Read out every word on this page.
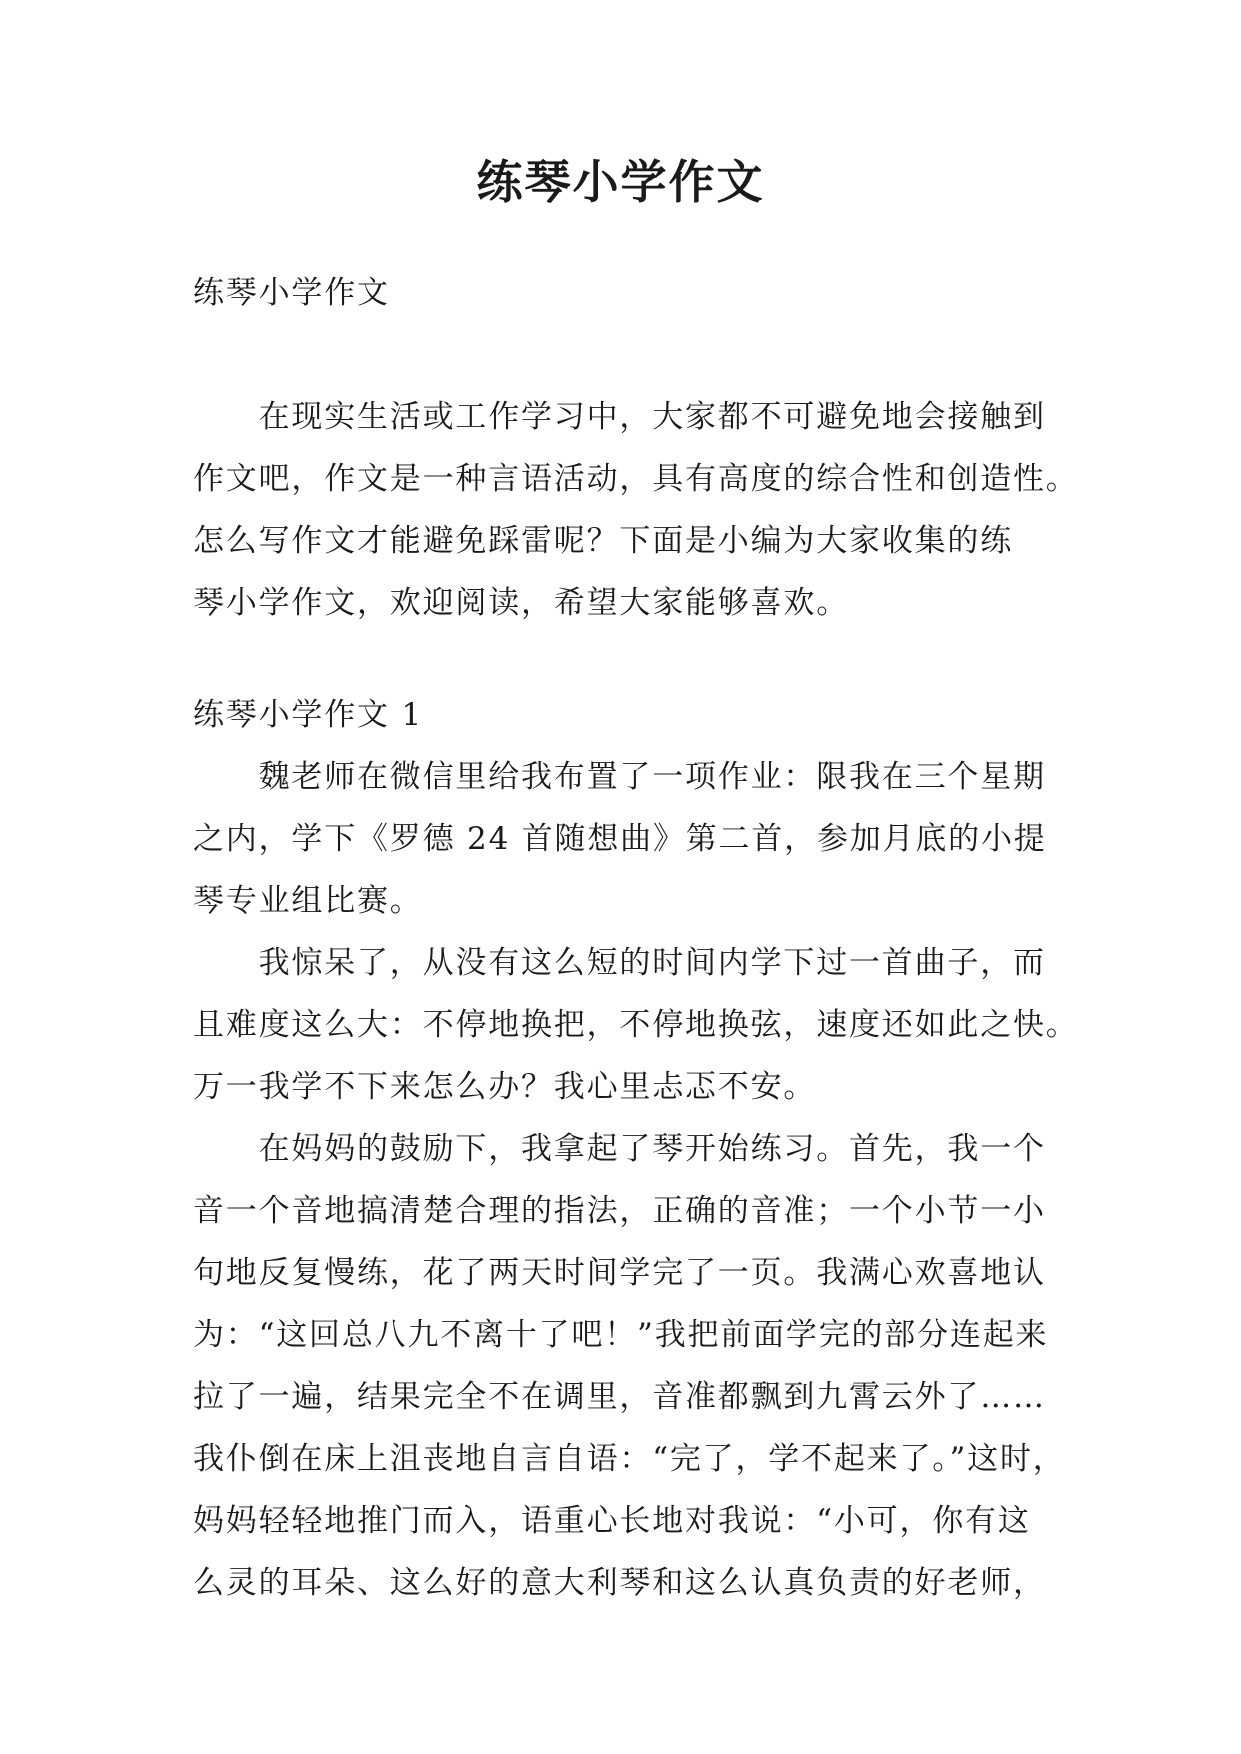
练琴小学作文

练琴小学作文

　　在现实生活或工作学习中，大家都不可避免地会接触到

作文吧，作文是一种言语活动，具有高度的综合性和创造性。

怎么写作文才能避免踩雷呢？下面是小编为大家收集的练

琴小学作文，欢迎阅读，希望大家能够喜欢。

练琴小学作文 1

　　魏老师在微信里给我布置了一项作业：限我在三个星期

之内，学下《罗德 24 首随想曲》第二首，参加月底的小提

琴专业组比赛。

　　我惊呆了，从没有这么短的时间内学下过一首曲子，而

且难度这么大：不停地换把，不停地换弦，速度还如此之快。

万一我学不下来怎么办？我心里忐忑不安。

　　在妈妈的鼓励下，我拿起了琴开始练习。首先，我一个

音一个音地搞清楚合理的指法，正确的音准；一个小节一小

句地反复慢练，花了两天时间学完了一页。我满心欢喜地认

为：“这回总八九不离十了吧！”我把前面学完的部分连起来

拉了一遍，结果完全不在调里，音准都飘到九霄云外了……

我仆倒在床上沮丧地自言自语：“完了，学不起来了。”这时，

妈妈轻轻地推门而入，语重心长地对我说：“小可，你有这

么灵的耳朵、这么好的意大利琴和这么认真负责的好老师，
